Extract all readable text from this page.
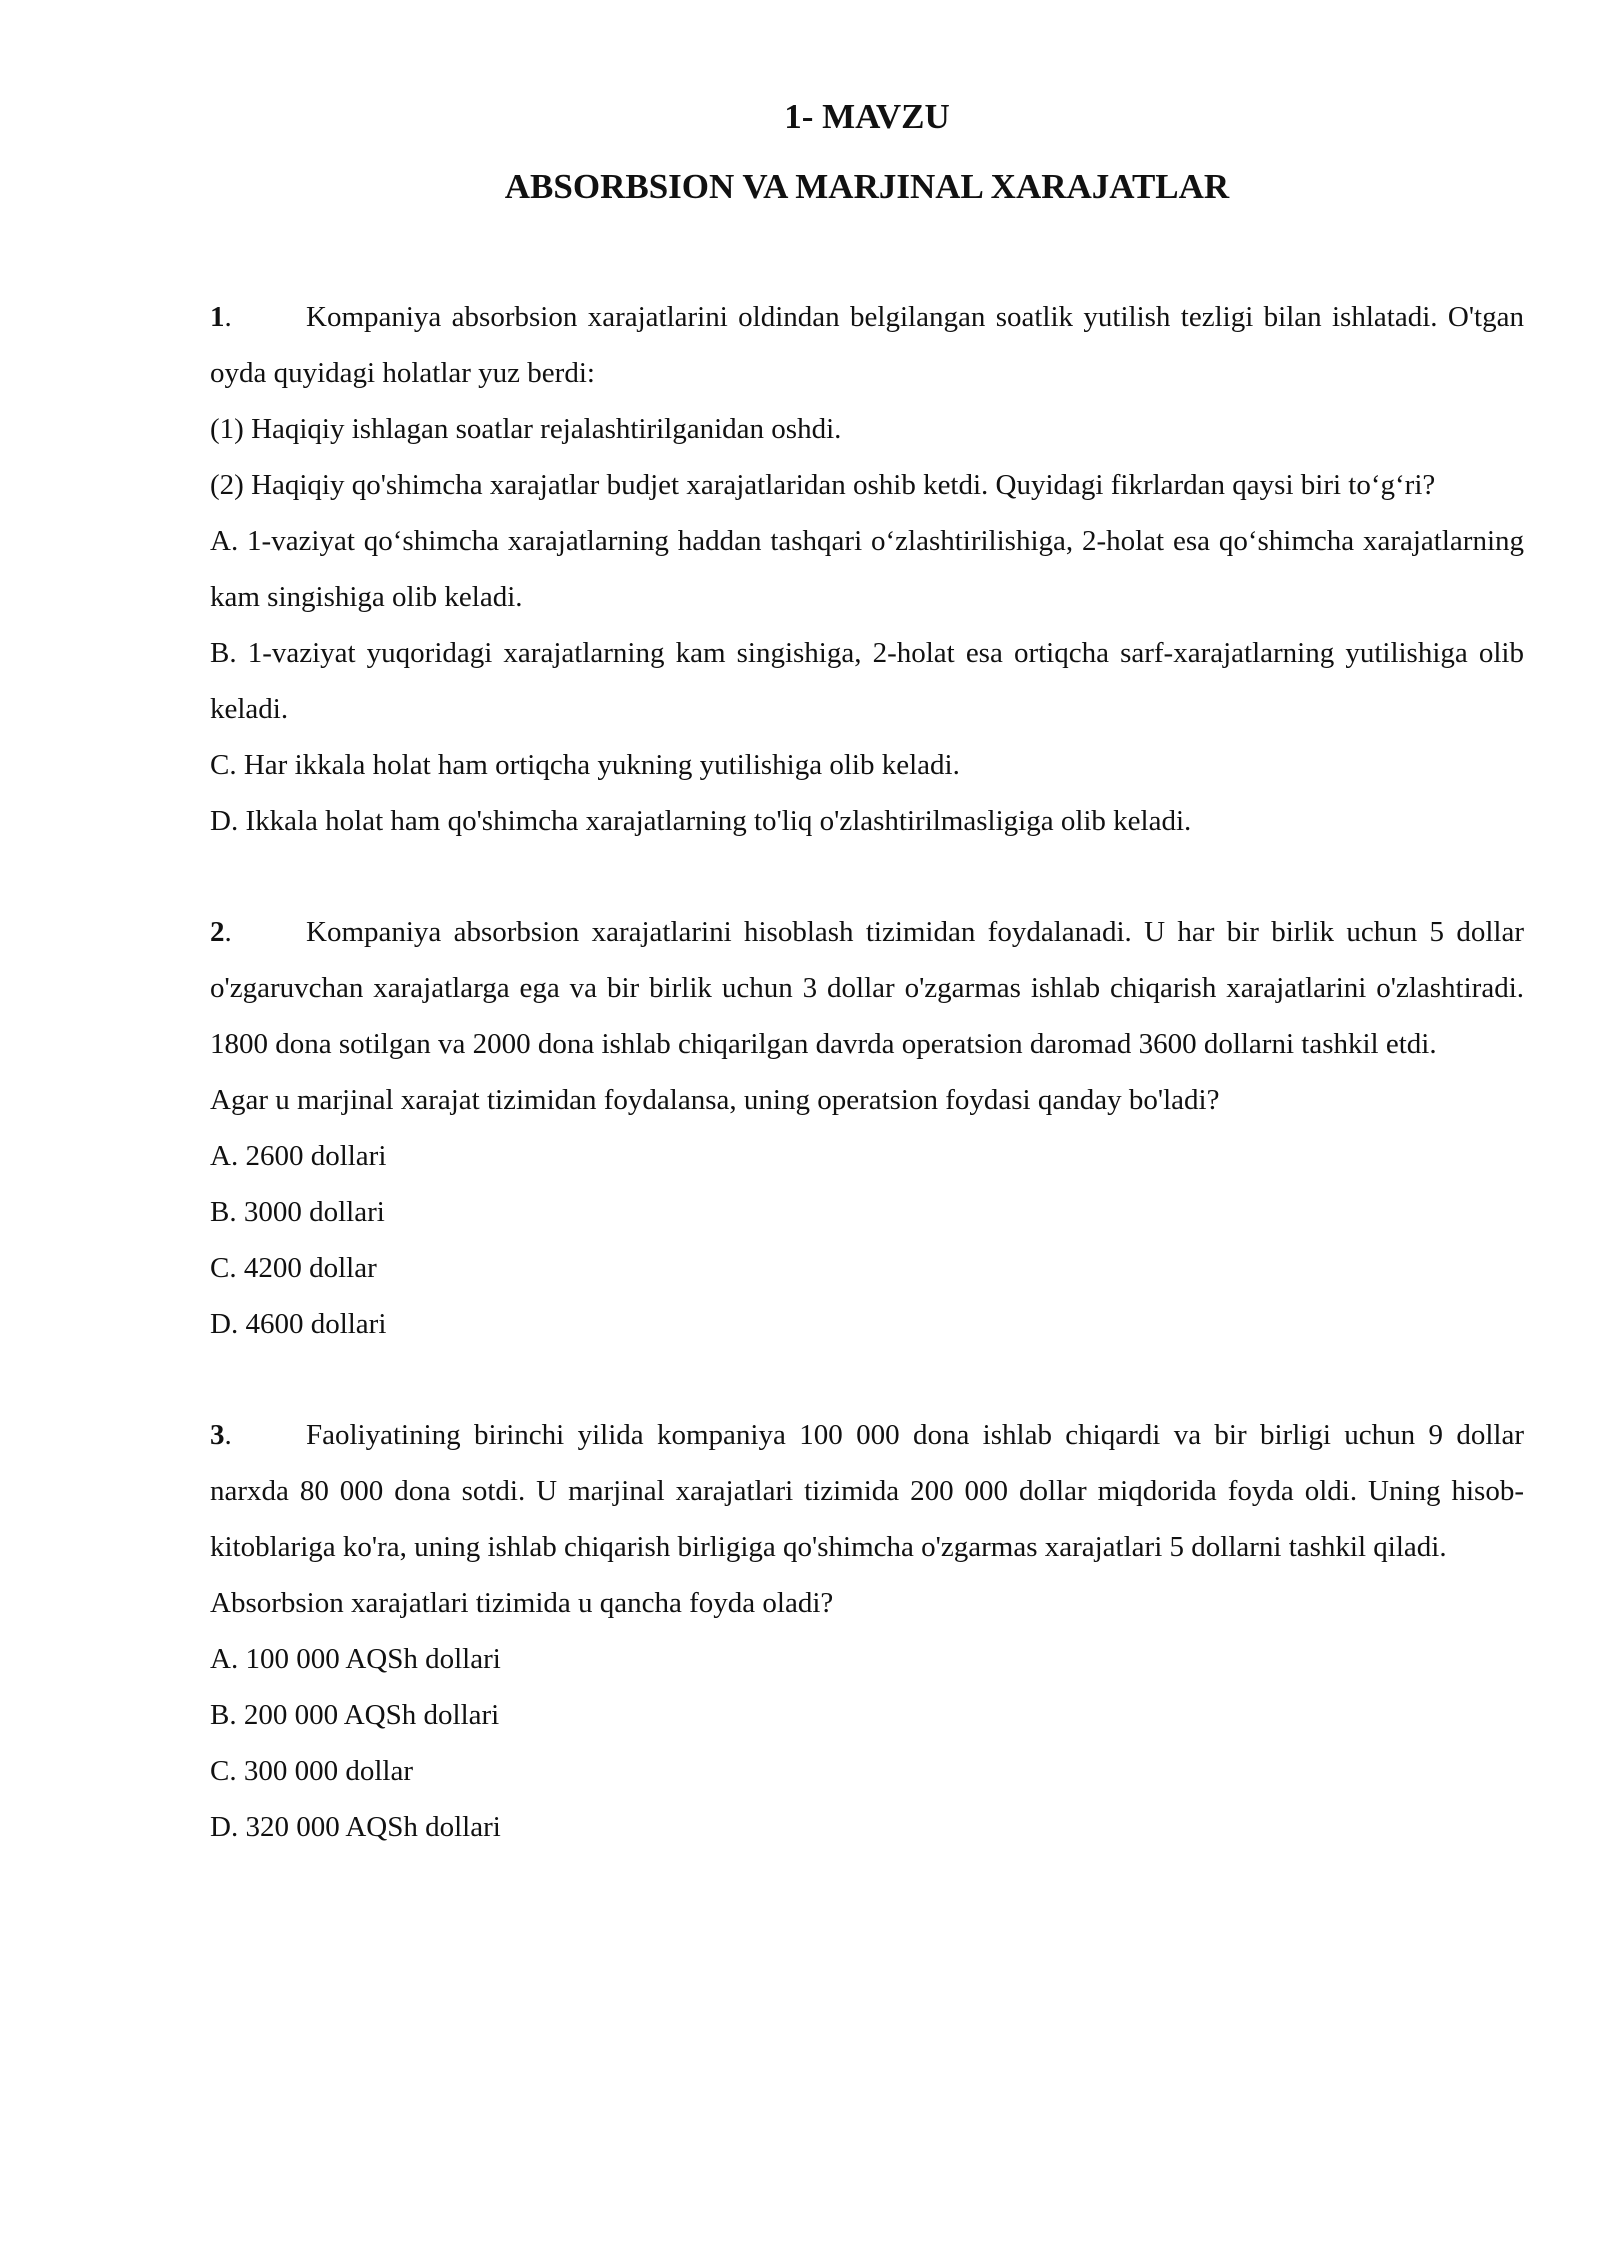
1- MAVZU

ABSORBSION VA MARJINAL XARAJATLAR

1.	Kompaniya absorbsion xarajatlarini oldindan belgilangan soatlik yutilish tezligi bilan ishlatadi. O'tgan oyda quyidagi holatlar yuz berdi:

(1) Haqiqiy ishlagan soatlar rejalashtirilganidan oshdi.

(2) Haqiqiy qo'shimcha xarajatlar budjet xarajatlaridan oshib ketdi. Quyidagi fikrlardan qaysi biri to‘g‘ri?

A. 1-vaziyat qo‘shimcha xarajatlarning haddan tashqari o‘zlashtirilishiga, 2-holat esa qo‘shimcha xarajatlarning kam singishiga olib keladi.

B. 1-vaziyat yuqoridagi xarajatlarning kam singishiga, 2-holat esa ortiqcha sarf-xarajatlarning yutilishiga olib keladi.

C. Har ikkala holat ham ortiqcha yukning yutilishiga olib keladi.

D. Ikkala holat ham qo'shimcha xarajatlarning to'liq o'zlashtirilmasligiga olib keladi.

2.	Kompaniya absorbsion xarajatlarini hisoblash tizimidan foydalanadi. U har bir birlik uchun 5 dollar o'zgaruvchan xarajatlarga ega va bir birlik uchun 3 dollar o'zgarmas ishlab chiqarish xarajatlarini o'zlashtiradi. 1800 dona sotilgan va 2000 dona ishlab chiqarilgan davrda operatsion daromad 3600 dollarni tashkil etdi.

Agar u marjinal xarajat tizimidan foydalansa, uning operatsion foydasi qanday bo'ladi?

A. 2600 dollari

B. 3000 dollari

C. 4200 dollar

D. 4600 dollari

3.	Faoliyatining birinchi yilida kompaniya 100 000 dona ishlab chiqardi va bir birligi uchun 9 dollar narxda 80 000 dona sotdi. U marjinal xarajatlari tizimida 200 000 dollar miqdorida foyda oldi. Uning hisob-kitoblariga ko'ra, uning ishlab chiqarish birligiga qo'shimcha o'zgarmas xarajatlari 5 dollarni tashkil qiladi.

Absorbsion xarajatlari tizimida u qancha foyda oladi?

A. 100 000 AQSh dollari

B. 200 000 AQSh dollari

C. 300 000 dollar

D. 320 000 AQSh dollari
